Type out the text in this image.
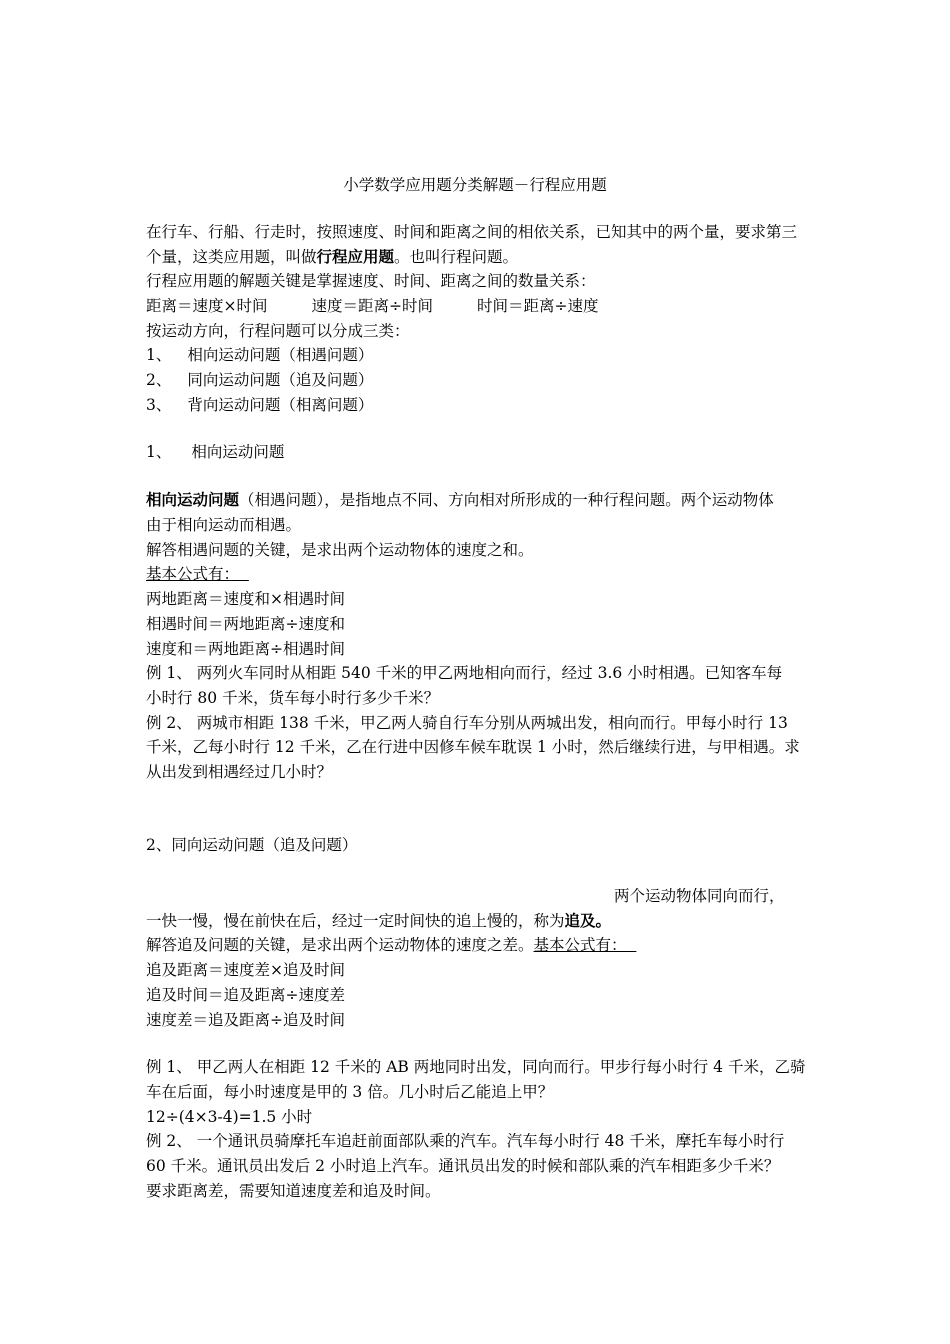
小学数学应用题分类解题－行程应用题
在行车、行船、行走时，按照速度、时间和距离之间的相依关系，已知其中的两个量，要求第三
个量，这类应用题，叫做行程应用题。也叫行程问题。
行程应用题的解题关键是掌握速度、时间、距离之间的数量关系：
距离＝速度×时间	速度＝距离÷时间	时间＝距离÷速度
按运动方向，行程问题可以分成三类：
1、 相向运动问题（相遇问题）
2、 同向运动问题（追及问题）
3、 背向运动问题（相离问题）
1、 相向运动问题
相向运动问题（相遇问题），是指地点不同、方向相对所形成的一种行程问题。两个运动物体
由于相向运动而相遇。
解答相遇问题的关键，是求出两个运动物体的速度之和。
基本公式有：
两地距离＝速度和×相遇时间
相遇时间＝两地距离÷速度和
速度和＝两地距离÷相遇时间
例 1、 两列火车同时从相距 540 千米的甲乙两地相向而行，经过 3.6 小时相遇。已知客车每
小时行 80 千米，货车每小时行多少千米？
例 2、 两城市相距 138 千米，甲乙两人骑自行车分别从两城出发，相向而行。甲每小时行 13
千米，乙每小时行 12 千米，乙在行进中因修车候车耽误 1 小时，然后继续行进，与甲相遇。求
从出发到相遇经过几小时？
2、同向运动问题（追及问题）
两个运动物体同向而行，
一快一慢，慢在前快在后，经过一定时间快的追上慢的，称为追及。
解答追及问题的关键，是求出两个运动物体的速度之差。基本公式有：
追及距离＝速度差×追及时间
追及时间＝追及距离÷速度差
速度差＝追及距离÷追及时间
例 1、 甲乙两人在相距 12 千米的 AB 两地同时出发，同向而行。甲步行每小时行 4 千米，乙骑
车在后面，每小时速度是甲的 3 倍。几小时后乙能追上甲？
12÷(4×3-4)=1.5 小时
例 2、 一个通讯员骑摩托车追赶前面部队乘的汽车。汽车每小时行 48 千米，摩托车每小时行
60 千米。通讯员出发后 2 小时追上汽车。通讯员出发的时候和部队乘的汽车相距多少千米？
要求距离差，需要知道速度差和追及时间。
